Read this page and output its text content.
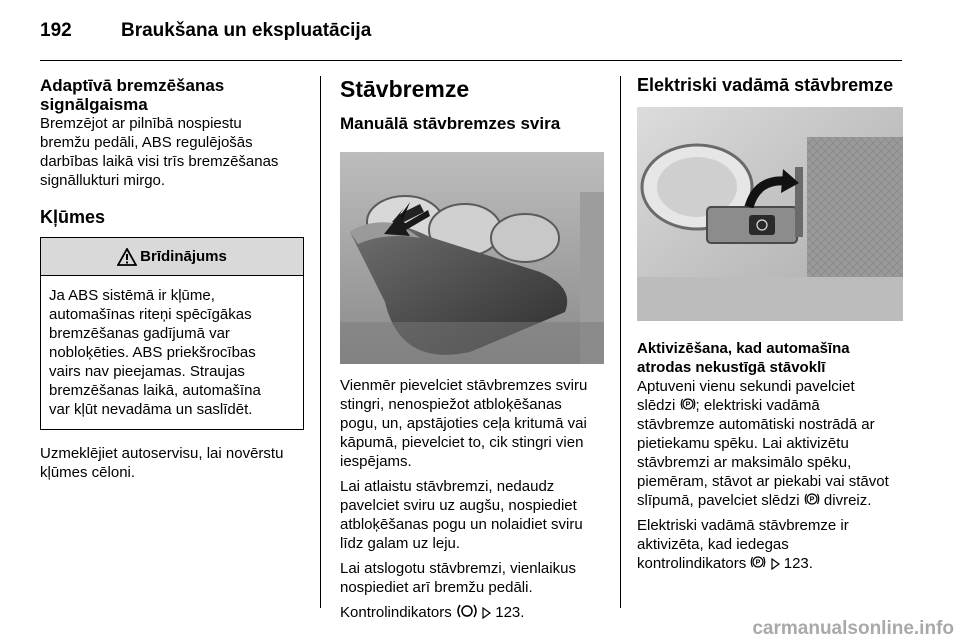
192	Braukšana un ekspluatācija
Adaptīvā bremzēšanas
signālgaisma

Bremzējot ar pilnībā nospiestu
bremžu pedāli, ABS regulējošās
darbības laikā visi trīs bremzēšanas
signāllukturi mirgo.

Kļūmes
Brīdinājums
Ja ABS sistēmā ir kļūme,
automašīnas riteņi spēcīgākas
bremzēšanas gadījumā var
nobloķēties. ABS priekšrocības
vairs nav pieejamas. Straujas
bremzēšanas laikā, automašīna
var kļūt nevadāma un saslīdēt.

Uzmeklējiet autoservisu, lai novērstu
kļūmes cēloni.

Stāvbremze
Manuālā stāvbremzes svira

Vienmēr pievelciet stāvbremzes sviru
stingri, nenospiežot atbloķēšanas
pogu, un, apstājoties ceļa kritumā vai
kāpumā, pievelciet to, cik stingri vien
iespējams.

Lai atlaistu stāvbremzi, nedaudz
pavelciet sviru uz augšu, nospiediet
atbloķēšanas pogu un nolaidiet sviru
līdz galam uz leju.

Lai atslogotu stāvbremzi, vienlaikus
nospiediet arī bremžu pedāli.

Kontrolindikators	123.

Elektriski vadāmā stāvbremze
Aktivizēšana, kad automašīna
atrodas nekustīgā stāvoklī

Aptuveni vienu sekundi pavelciet
slēdzi P ; elektriski vadāmā
stāvbremze automātiski nostrādā ar
pietiekamu spēku. Lai aktivizētu
stāvbremzi ar maksimālo spēku,
piemēram, stāvot ar piekabi vai stāvot
slīpumā, pavelciet slēdzi P divreiz.

Elektriski vadāmā stāvbremze ir
aktivizēta, kad iedegas
kontrolindikators P 123.

carmanualsonline.info
